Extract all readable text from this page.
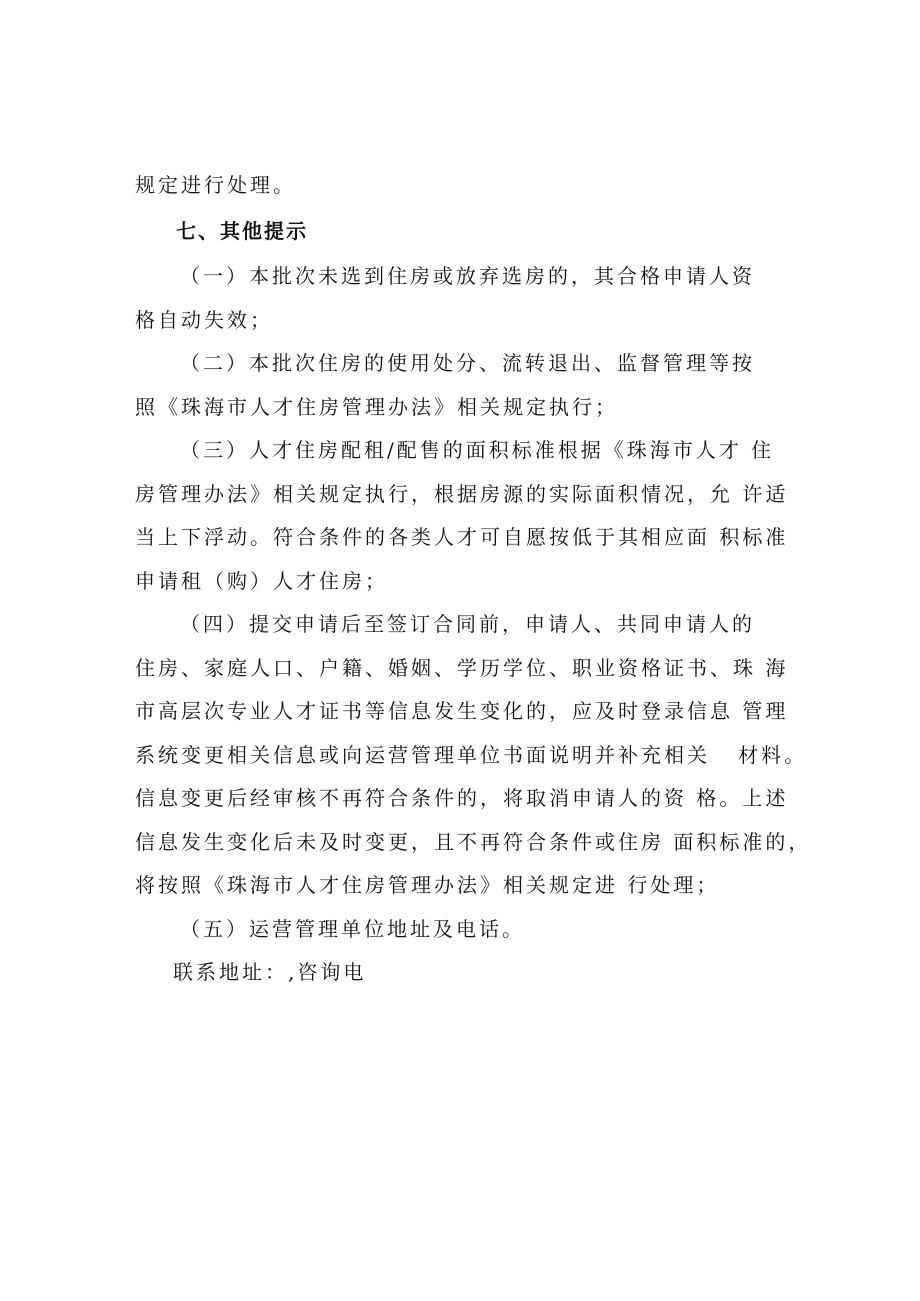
规定进行处理。
七、其他提示
（一）本批次未选到住房或放弃选房的，其合格申请人资
格自动失效；
（二）本批次住房的使用处分、流转退出、监督管理等按
照《珠海市人才住房管理办法》相关规定执行；
（三）人才住房配租/配售的面积标准根据《珠海市人才 住
房管理办法》相关规定执行，根据房源的实际面积情况，允 许适
当上下浮动。符合条件的各类人才可自愿按低于其相应面 积标准
申请租（购）人才住房；
（四）提交申请后至签订合同前，申请人、共同申请人的
住房、家庭人口、户籍、婚姻、学历学位、职业资格证书、珠 海
市高层次专业人才证书等信息发生变化的，应及时登录信息 管理
系统变更相关信息或向运营管理单位书面说明并补充相关   材料。
信息变更后经审核不再符合条件的，将取消申请人的资 格。上述
信息发生变化后未及时变更，且不再符合条件或住房 面积标准的，
将按照《珠海市人才住房管理办法》相关规定进 行处理；
（五）运营管理单位地址及电话。
联系地址：,咨询电
